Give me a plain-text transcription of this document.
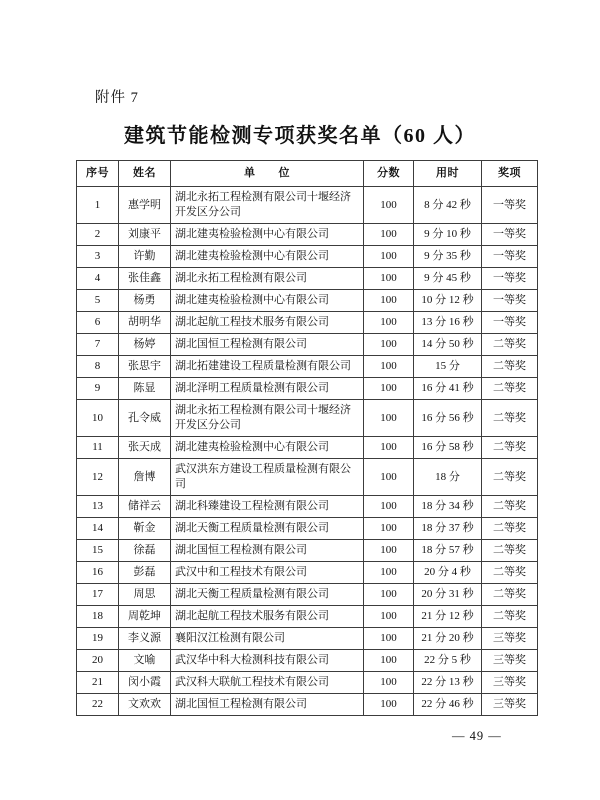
附件 7
建筑节能检测专项获奖名单（60 人）
序号	姓名	单　　位	分数	用时	奖项
1	惠学明	湖北永拓工程检测有限公司十堰经济开发区分公司	100	8 分 42 秒	一等奖
2	刘康平	湖北建夷检验检测中心有限公司	100	9 分 10 秒	一等奖
3	许勤	湖北建夷检验检测中心有限公司	100	9 分 35 秒	一等奖
4	张佳鑫	湖北永拓工程检测有限公司	100	9 分 45 秒	一等奖
5	杨勇	湖北建夷检验检测中心有限公司	100	10 分 12 秒	一等奖
6	胡明华	湖北起航工程技术服务有限公司	100	13 分 16 秒	一等奖
7	杨婷	湖北国恒工程检测有限公司	100	14 分 50 秒	二等奖
8	张思宇	湖北拓建建设工程质量检测有限公司	100	15 分	二等奖
9	陈显	湖北泽明工程质量检测有限公司	100	16 分 41 秒	二等奖
10	孔令威	湖北永拓工程检测有限公司十堰经济开发区分公司	100	16 分 56 秒	二等奖
11	张天成	湖北建夷检验检测中心有限公司	100	16 分 58 秒	二等奖
12	詹博	武汉洪东方建设工程质量检测有限公司	100	18 分	二等奖
13	储祥云	湖北科臻建设工程检测有限公司	100	18 分 34 秒	二等奖
14	靳金	湖北天衡工程质量检测有限公司	100	18 分 37 秒	二等奖
15	徐磊	湖北国恒工程检测有限公司	100	18 分 57 秒	二等奖
16	彭磊	武汉中和工程技术有限公司	100	20 分 4 秒	二等奖
17	周思	湖北天衡工程质量检测有限公司	100	20 分 31 秒	二等奖
18	周乾坤	湖北起航工程技术服务有限公司	100	21 分 12 秒	二等奖
19	李义源	襄阳汉江检测有限公司	100	21 分 20 秒	三等奖
20	文喻	武汉华中科大检测科技有限公司	100	22 分 5 秒	三等奖
21	闵小霞	武汉科大联航工程技术有限公司	100	22 分 13 秒	三等奖
22	文欢欢	湖北国恒工程检测有限公司	100	22 分 46 秒	三等奖
— 49 —
